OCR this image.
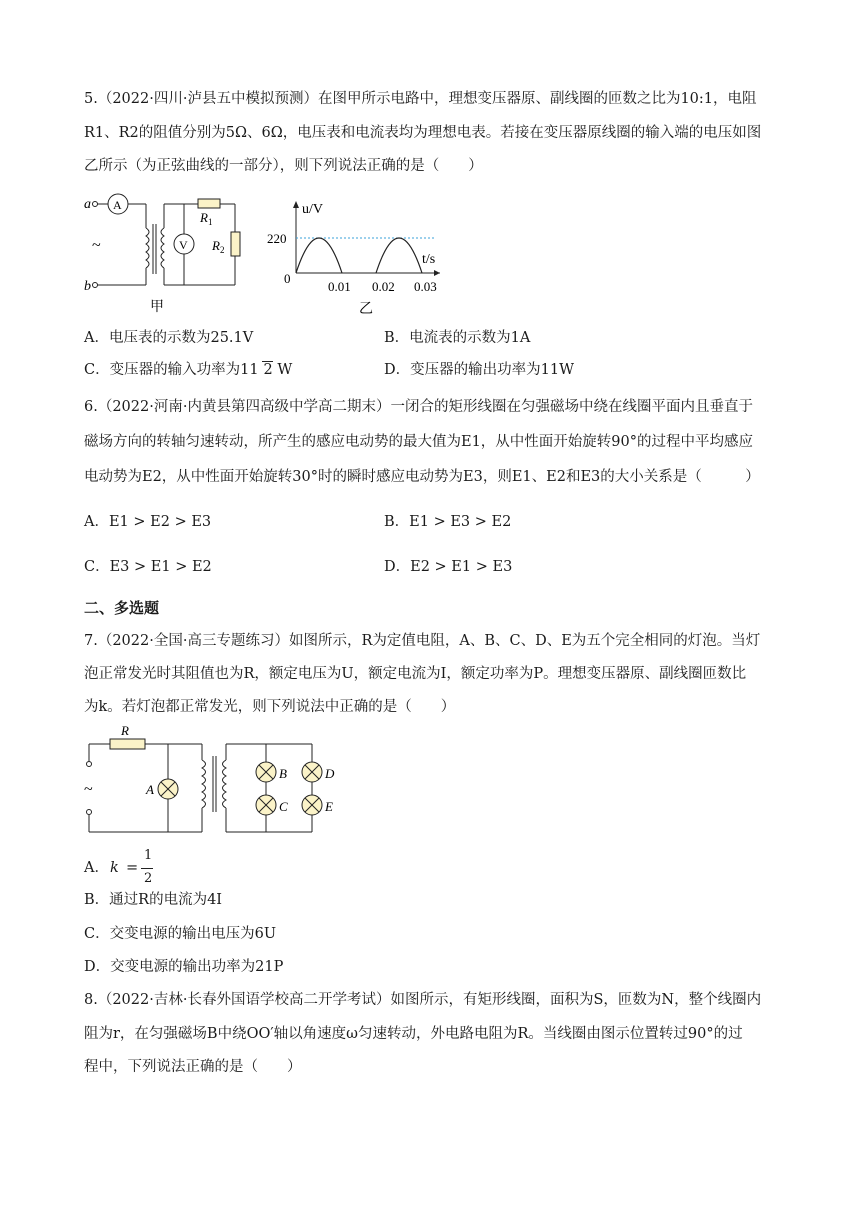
5.（2022·四川·泸县五中模拟预测）在图甲所示电路中，理想变压器原、副线圈的匝数之比为10:1，电阻
R1、R2的阻值分别为5Ω、6Ω，电压表和电流表均为理想电表。若接在变压器原线圈的输入端的电压如图
乙所示（为正弦曲线的一部分），则下列说法正确的是（　　）
a A
b
~
$R_1$
$R_2$
V
甲
u/V
t/s
220
0
0.01 0.02 0.03
乙
A．电压表的示数为25.1V	B．电流表的示数为1A
C．变压器的输入功率为11 2 W	D．变压器的输出功率为11W
6.（2022·河南·内黄县第四高级中学高二期末）一闭合的矩形线圈在匀强磁场中绕在线圈平面内且垂直于
磁场方向的转轴匀速转动，所产生的感应电动势的最大值为E1，从中性面开始旋转90°的过程中平均感应
电动势为E2，从中性面开始旋转30°时的瞬时感应电动势为E3，则E1、E2和E3的大小关系是（　　　）
A．E1 > E2 > E3	B．E1 > E3 > E2
C．E3 > E1 > E2	D．E2 > E1 > E3
二、多选题
7.（2022·全国·高三专题练习）如图所示，R为定值电阻，A、B、C、D、E为五个完全相同的灯泡。当灯
泡正常发光时其阻值也为R，额定电压为U，额定电流为I，额定功率为P。理想变压器原、副线圈匝数比
为k。若灯泡都正常发光，则下列说法中正确的是（　　）
~
R
A
B
C
D
E
A． k =
1
2
B．通过R的电流为4I
C．交变电源的输出电压为6U
D．交变电源的输出功率为21P
8.（2022·吉林·长春外国语学校高二开学考试）如图所示，有矩形线圈，面积为S，匝数为N，整个线圈内
阻为r，在匀强磁场B中绕OO′轴以角速度ω匀速转动，外电路电阻为R。当线圈由图示位置转过90°的过
程中，下列说法正确的是（　　）
